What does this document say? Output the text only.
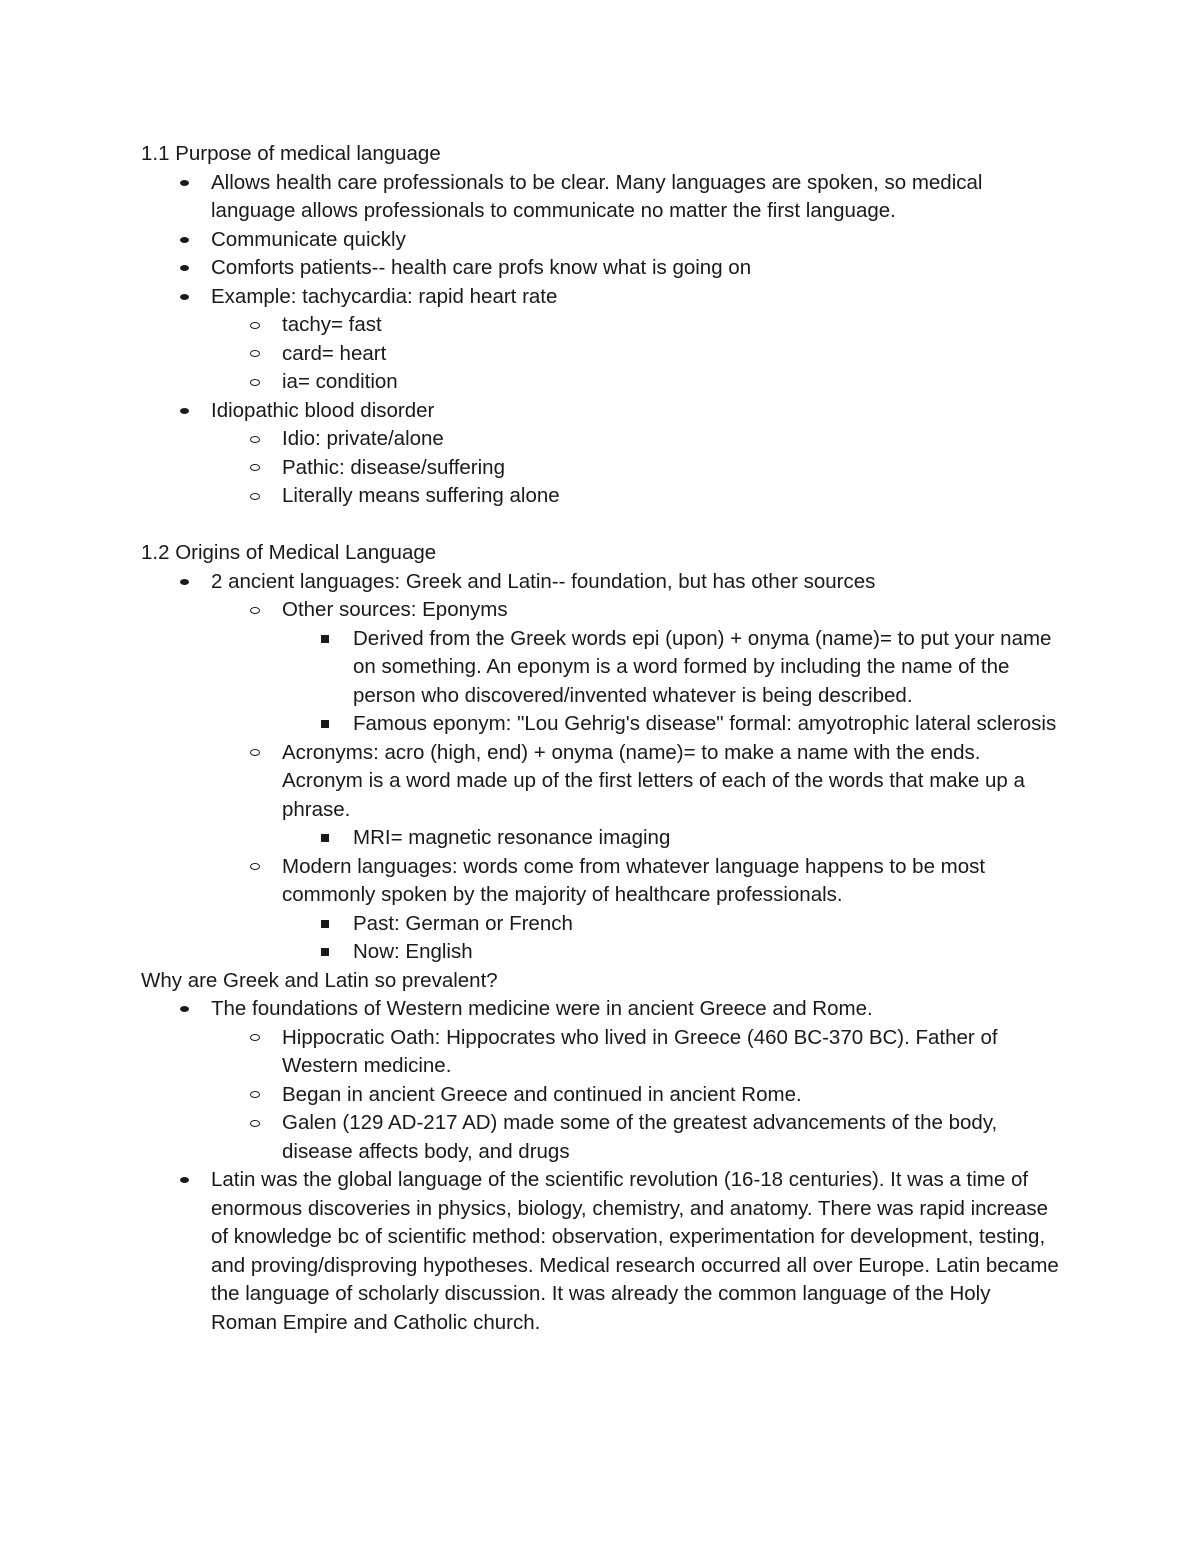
1.1 Purpose of medical language

Allows health care professionals to be clear. Many languages are spoken, so medical language allows professionals to communicate no matter the first language.
Communicate quickly
Comforts patients-- health care profs know what is going on
Example: tachycardia: rapid heart rate
tachy= fast
card= heart
ia= condition
Idiopathic blood disorder
Idio: private/alone
Pathic: disease/suffering
Literally means suffering alone

1.2 Origins of Medical Language

2 ancient languages: Greek and Latin-- foundation, but has other sources
Other sources: Eponyms
Derived from the Greek words epi (upon) + onyma (name)= to put your name on something. An eponym is a word formed by including the name of the person who discovered/invented whatever is being described.
Famous eponym: "Lou Gehrig's disease" formal: amyotrophic lateral sclerosis
Acronyms: acro (high, end) + onyma (name)= to make a name with the ends. Acronym is a word made up of the first letters of each of the words that make up a phrase.
MRI= magnetic resonance imaging
Modern languages: words come from whatever language happens to be most commonly spoken by the majority of healthcare professionals.
Past: German or French
Now: English

Why are Greek and Latin so prevalent?

The foundations of Western medicine were in ancient Greece and Rome.
Hippocratic Oath: Hippocrates who lived in Greece (460 BC-370 BC). Father of Western medicine.
Began in ancient Greece and continued in ancient Rome.
Galen (129 AD-217 AD) made some of the greatest advancements of the body, disease affects body, and drugs
Latin was the global language of the scientific revolution (16-18 centuries). It was a time of enormous discoveries in physics, biology, chemistry, and anatomy. There was rapid increase of knowledge bc of scientific method: observation, experimentation for development, testing, and proving/disproving hypotheses. Medical research occurred all over Europe. Latin became the language of scholarly discussion. It was already the common language of the Holy Roman Empire and Catholic church.
